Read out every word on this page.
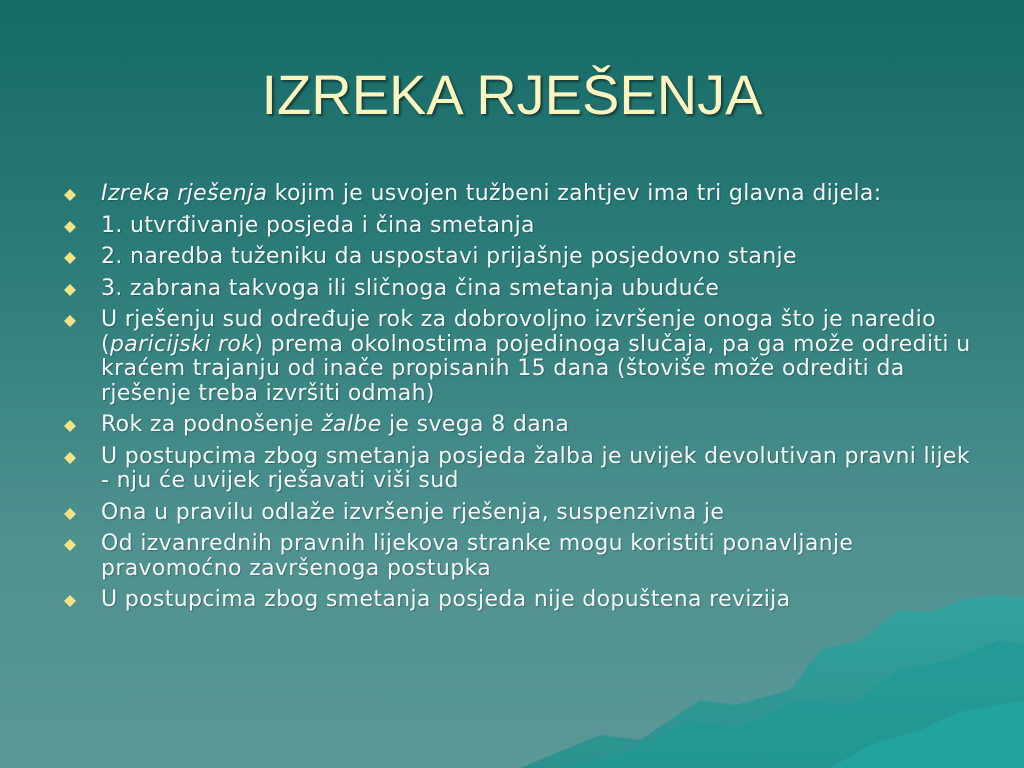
IZREKA RJEŠENJA
Izreka rješenja kojim je usvojen tužbeni zahtjev ima tri glavna dijela:
1. utvrđivanje posjeda i čina smetanja
2. naredba tuženiku da uspostavi prijašnje posjedovno stanje
3. zabrana takvoga ili sličnoga čina smetanja ubuduće
U rješenju sud određuje rok za dobrovoljno izvršenje onoga što je naredio (paricijski rok) prema okolnostima pojedinoga slučaja, pa ga može odrediti u kraćem trajanju od inače propisanih 15 dana (štoviše može odrediti da rješenje treba izvršiti odmah)
Rok za podnošenje žalbe je svega 8 dana
U postupcima zbog smetanja posjeda žalba je uvijek devolutivan pravni lijek - nju će uvijek rješavati viši sud
Ona u pravilu odlaže izvršenje rješenja, suspenzivna je
Od izvanrednih pravnih lijekova stranke mogu koristiti ponavljanje pravomoćno završenoga postupka
U postupcima zbog smetanja posjeda nije dopuštena revizija
